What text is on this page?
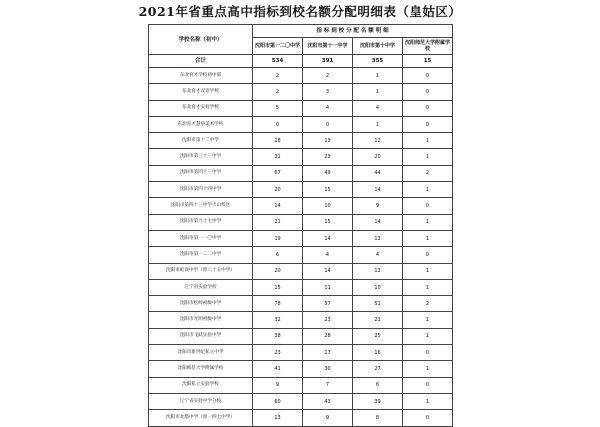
2021年省重点高中指标到校名额分配明细表（皇姑区）
学校名称（初中）	指 标 到 校 分 配 名 额 明 细			
	沈阳市第一二〇中学	沈阳市第十一中学	沈阳市第十中学	沈阳师范大学附属学校
合计	534	391	355	15
东北育才学校初中部	2	2	1	0
东北育才双语学校	2	3	1	0
东北育才实验学校	5	4	4	0
东北育才慧泉美术学校	0	0	1	0
沈阳市第十二中学	18	13	12	1
沈阳市第三十三中学	31	23	20	1
沈阳市第四十三中学	67	49	44	2
沈阳市第四十四中学	20	15	14	1
沈阳市第四十三中学天山校区	14	10	9	0
沈阳市第九十七中学	21	15	14	1
沈阳市第一一〇中学	19	14	13	1
沈阳市第一二二中学	6	4	4	0
沈阳市虹润中学（原八十五中学）	20	14	13	1
辽宁省实验学校	15	11	10	1
沈阳市松岭初级中学	78	57	51	2
沈阳市光明初级中学	32	23	21	1
沈阳市飞跃实验中学	38	28	25	1
沈阳市新世纪私立中学	23	17	16	0
沈阳师范大学附属学校	41	30	27	1
沈阳私立实验学校	9	7	6	0
辽宁省实验中学分校	60	43	39	1
沈阳市北塔中学（原一四七中学）	13	9	8	0
